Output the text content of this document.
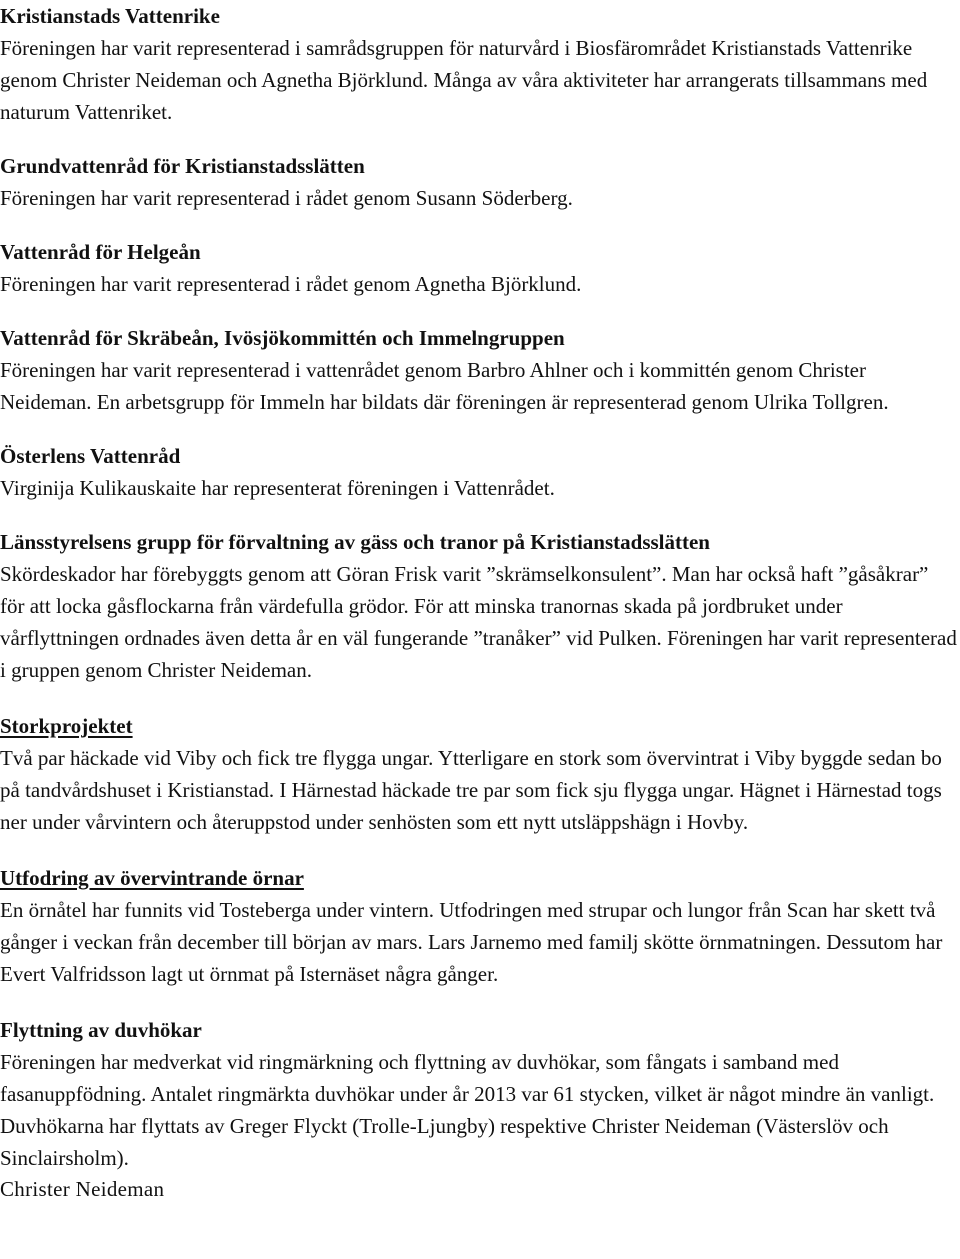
Kristianstads Vattenrike

Föreningen har varit representerad i samrådsgruppen för naturvård i Biosfärområdet Kristianstads Vattenrike genom Christer Neideman och Agnetha Björklund. Många av våra aktiviteter har arrangerats tillsammans med naturum Vattenriket.

Grundvattenråd för Kristianstadsslätten

Föreningen har varit representerad i rådet genom Susann Söderberg.

Vattenråd för Helgeån

Föreningen har varit representerad i rådet genom Agnetha Björklund.

Vattenråd för Skräbeån, Ivösjökommittén och Immelngruppen

Föreningen har varit representerad i vattenrådet genom Barbro Ahlner och i kommittén genom Christer Neideman. En arbetsgrupp för Immeln har bildats där föreningen är representerad genom Ulrika Tollgren.

Österlens Vattenråd

Virginija Kulikauskaite har representerat föreningen i Vattenrådet.

Länsstyrelsens grupp för förvaltning av gäss och tranor på Kristianstadsslätten

Skördeskador har förebyggts genom att Göran Frisk varit ”skrämselkonsulent”. Man har också haft ”gåsåkrar” för att locka gåsflockarna från värdefulla grödor. För att minska tranornas skada på jordbruket under vårflyttningen ordnades även detta år en väl fungerande ”tranåker” vid Pulken. Föreningen har varit representerad i gruppen genom Christer Neideman.

Storkprojektet

Två par häckade vid Viby och fick tre flygga ungar. Ytterligare en stork som övervintrat i Viby byggde sedan bo på tandvårdshuset i Kristianstad. I Härnestad häckade tre par som fick sju flygga ungar. Hägnet i Härnestad togs ner under vårvintern och återuppstod under senhösten som ett nytt utsläppshägn i Hovby.

Utfodring av övervintrande örnar

En örnåtel har funnits vid Tosteberga under vintern. Utfodringen med strupar och lungor från Scan har skett två gånger i veckan från december till början av mars. Lars Jarnemo med familj skötte örnmatningen. Dessutom har Evert Valfridsson lagt ut örnmat på Isternäset några gånger.

Flyttning av duvhökar

Föreningen har medverkat vid ringmärkning och flyttning av duvhökar, som fångats i samband med fasanuppfödning. Antalet ringmärkta duvhökar under år 2013 var 61 stycken, vilket är något mindre än vanligt. Duvhökarna har flyttats av Greger Flyckt (Trolle-Ljungby) respektive Christer Neideman (Västerslöv och Sinclairsholm).

Christer Neideman
